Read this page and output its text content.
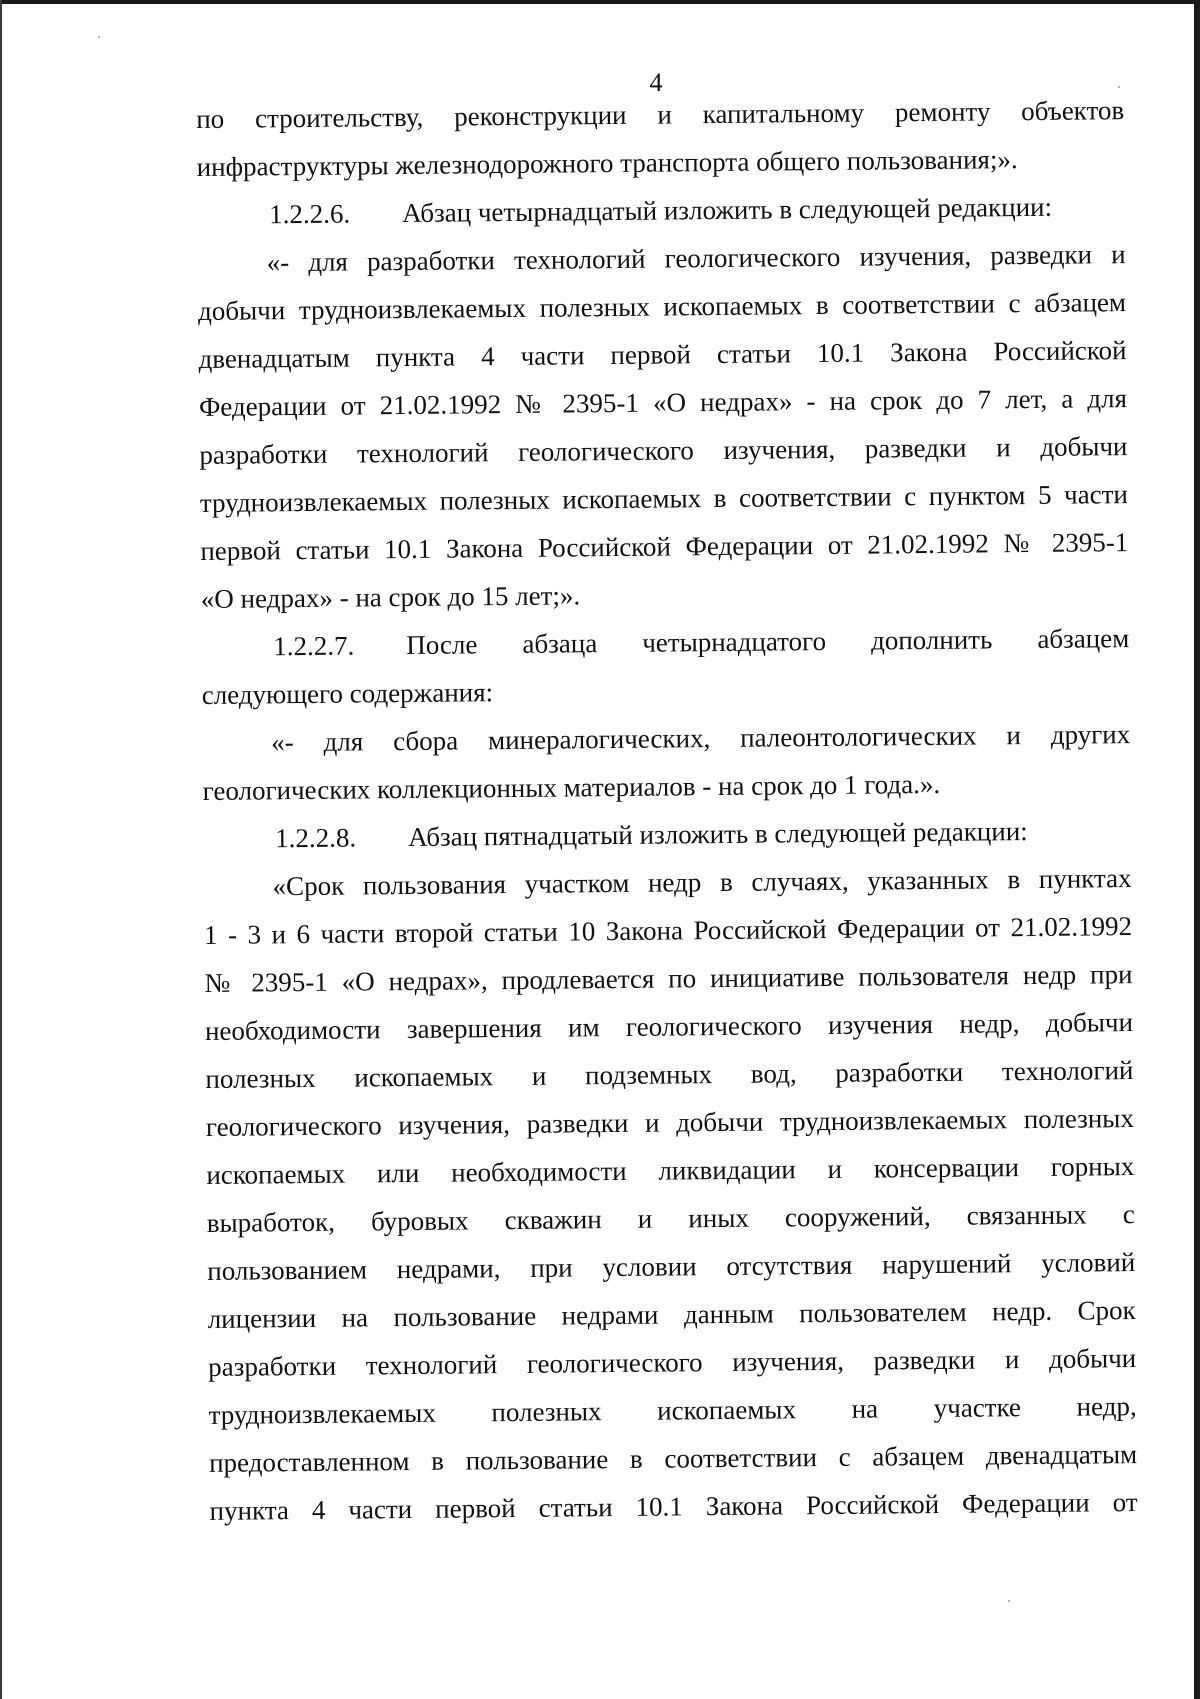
4
по строительству, реконструкции и капитальному ремонту объектов
инфраструктуры железнодорожного транспорта общего пользования;».
1.2.2.6.	Абзац четырнадцатый изложить в следующей редакции:
«- для разработки технологий геологического изучения, разведки и
добычи трудноизвлекаемых полезных ископаемых в соответствии с абзацем
двенадцатым пункта 4 части первой статьи 10.1 Закона Российской
Федерации от 21.02.1992 № 2395-1 «О недрах» - на срок до 7 лет, а для
разработки технологий геологического изучения, разведки и добычи
трудноизвлекаемых полезных ископаемых в соответствии с пунктом 5 части
первой статьи 10.1 Закона Российской Федерации от 21.02.1992 № 2395-1
«О недрах» - на срок до 15 лет;».
1.2.2.7.	После абзаца четырнадцатого дополнить абзацем
следующего содержания:
«- для сбора минералогических, палеонтологических и других
геологических коллекционных материалов - на срок до 1 года.».
1.2.2.8.	Абзац пятнадцатый изложить в следующей редакции:
«Срок пользования участком недр в случаях, указанных в пунктах
1 - 3 и 6 части второй статьи 10 Закона Российской Федерации от 21.02.1992
№ 2395-1 «О недрах», продлевается по инициативе пользователя недр при
необходимости завершения им геологического изучения недр, добычи
полезных ископаемых и подземных вод, разработки технологий
геологического изучения, разведки и добычи трудноизвлекаемых полезных
ископаемых или необходимости ликвидации и консервации горных
выработок, буровых скважин и иных сооружений, связанных с
пользованием недрами, при условии отсутствия нарушений условий
лицензии на пользование недрами данным пользователем недр. Срок
разработки технологий геологического изучения, разведки и добычи
трудноизвлекаемых полезных ископаемых на участке недр,
предоставленном в пользование в соответствии с абзацем двенадцатым
пункта 4 части первой статьи 10.1 Закона Российской Федерации от
